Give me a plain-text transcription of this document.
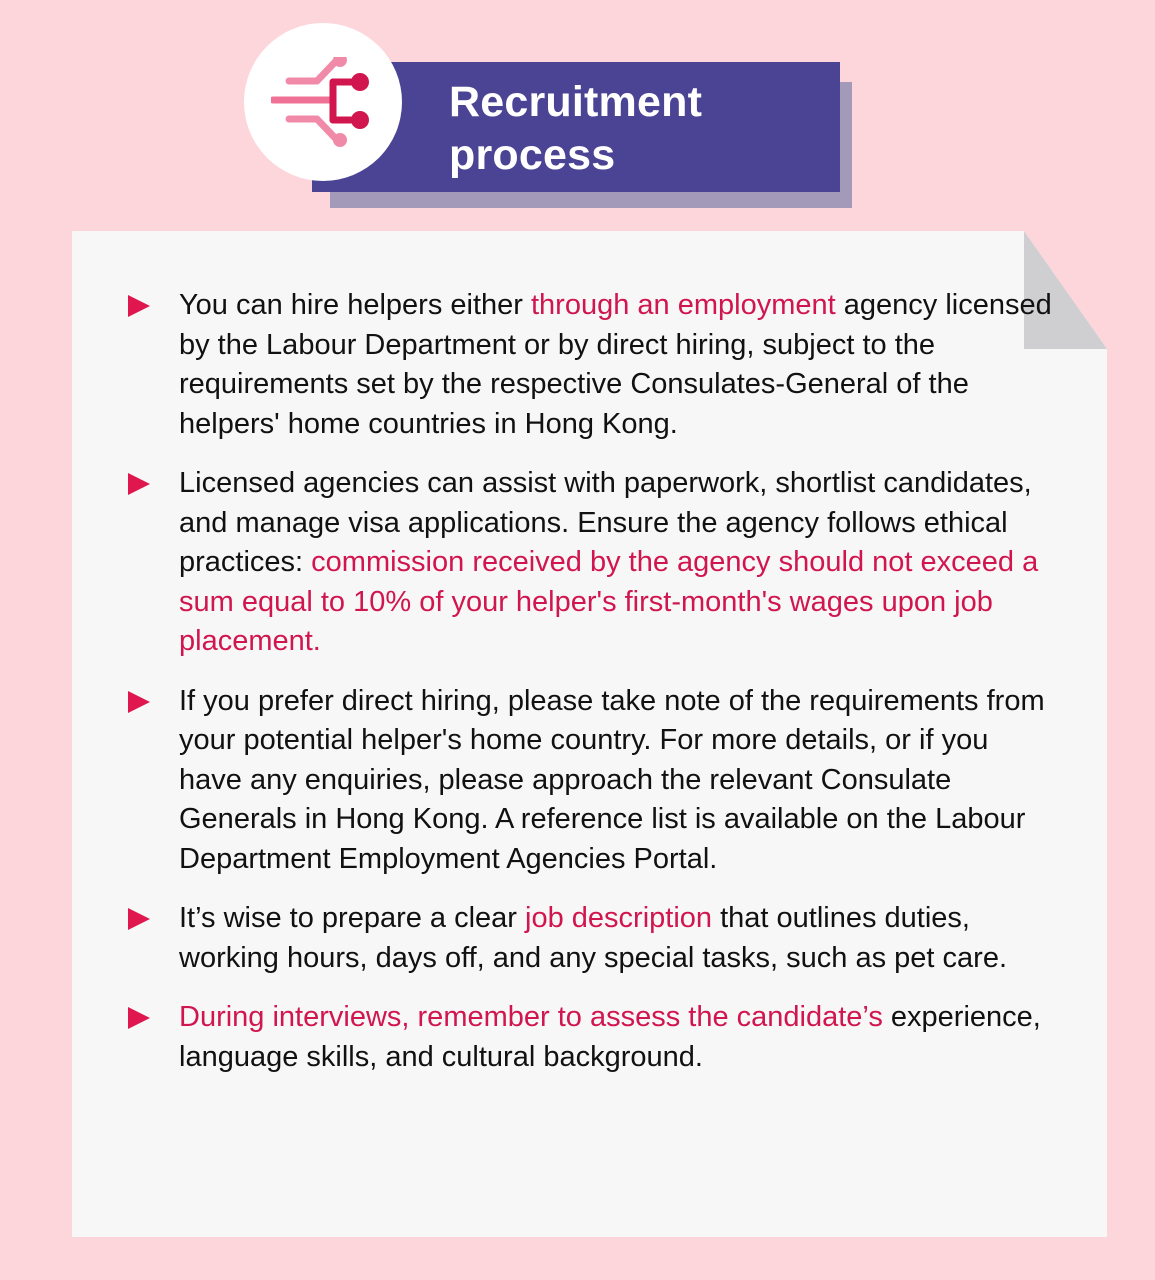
Recruitment
process
You can hire helpers either through an employment agency licensed by the Labour Department or by direct hiring, subject to the requirements set by the respective Consulates-General of the helpers' home countries in Hong Kong.
Licensed agencies can assist with paperwork, shortlist candidates, and manage visa applications. Ensure the agency follows ethical practices: commission received by the agency should not exceed a sum equal to 10% of your helper's first-month's wages upon job placement.
If you prefer direct hiring, please take note of the requirements from your potential helper's home country. For more details, or if you have any enquiries, please approach the relevant Consulate Generals in Hong Kong. A reference list is available on the Labour Department Employment Agencies Portal.
It’s wise to prepare a clear job description that outlines duties, working hours, days off, and any special tasks, such as pet care.
During interviews, remember to assess the candidate’s experience, language skills, and cultural background.
